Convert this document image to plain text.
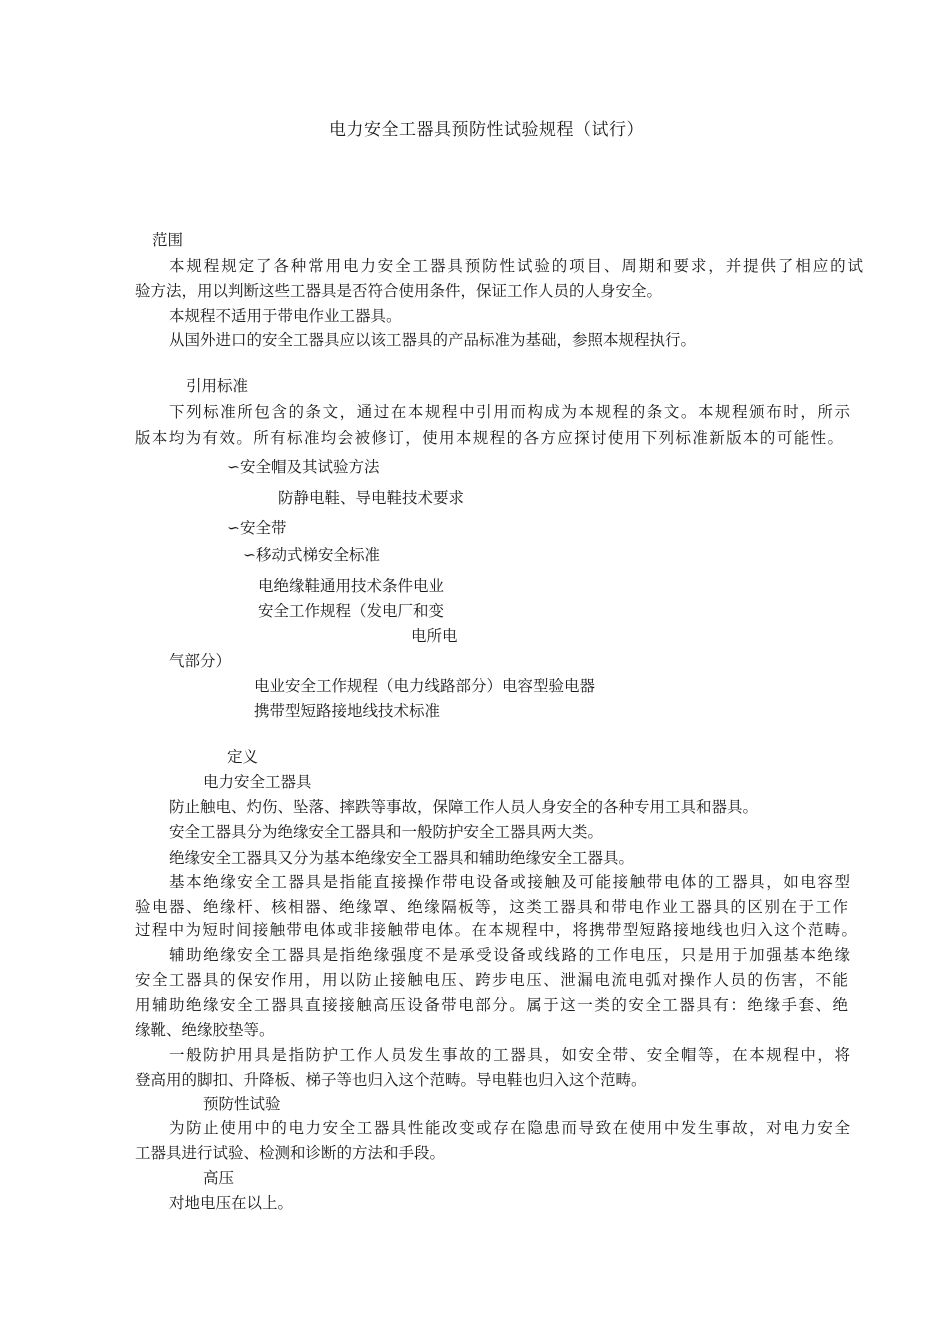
电力安全工器具预防性试验规程（试行）
范围
本规程规定了各种常用电力安全工器具预防性试验的项目、周期和要求，并提供了相应的试
验方法，用以判断这些工器具是否符合使用条件，保证工作人员的人身安全。
本规程不适用于带电作业工器具。
从国外进口的安全工器具应以该工器具的产品标准为基础，参照本规程执行。
引用标准
下列标准所包含的条文，通过在本规程中引用而构成为本规程的条文。本规程颁布时，所示
版本均为有效。所有标准均会被修订，使用本规程的各方应探讨使用下列标准新版本的可能性。
∽安全帽及其试验方法
防静电鞋、导电鞋技术要求
∽安全带
∽移动式梯安全标准
电绝缘鞋通用技术条件电业
安全工作规程（发电厂和变
电所电
气部分）
电业安全工作规程（电力线路部分）电容型验电器
携带型短路接地线技术标准
定义
电力安全工器具
防止触电、灼伤、坠落、摔跌等事故，保障工作人员人身安全的各种专用工具和器具。
安全工器具分为绝缘安全工器具和一般防护安全工器具两大类。
绝缘安全工器具又分为基本绝缘安全工器具和辅助绝缘安全工器具。
基本绝缘安全工器具是指能直接操作带电设备或接触及可能接触带电体的工器具，如电容型
验电器、绝缘杆、核相器、绝缘罩、绝缘隔板等，这类工器具和带电作业工器具的区别在于工作
过程中为短时间接触带电体或非接触带电体。在本规程中，将携带型短路接地线也归入这个范畴。
辅助绝缘安全工器具是指绝缘强度不是承受设备或线路的工作电压，只是用于加强基本绝缘
安全工器具的保安作用，用以防止接触电压、跨步电压、泄漏电流电弧对操作人员的伤害，不能
用辅助绝缘安全工器具直接接触高压设备带电部分。属于这一类的安全工器具有：绝缘手套、绝
缘靴、绝缘胶垫等。
一般防护用具是指防护工作人员发生事故的工器具，如安全带、安全帽等，在本规程中，将
登高用的脚扣、升降板、梯子等也归入这个范畴。导电鞋也归入这个范畴。
预防性试验
为防止使用中的电力安全工器具性能改变或存在隐患而导致在使用中发生事故，对电力安全
工器具进行试验、检测和诊断的方法和手段。
高压
对地电压在以上。
